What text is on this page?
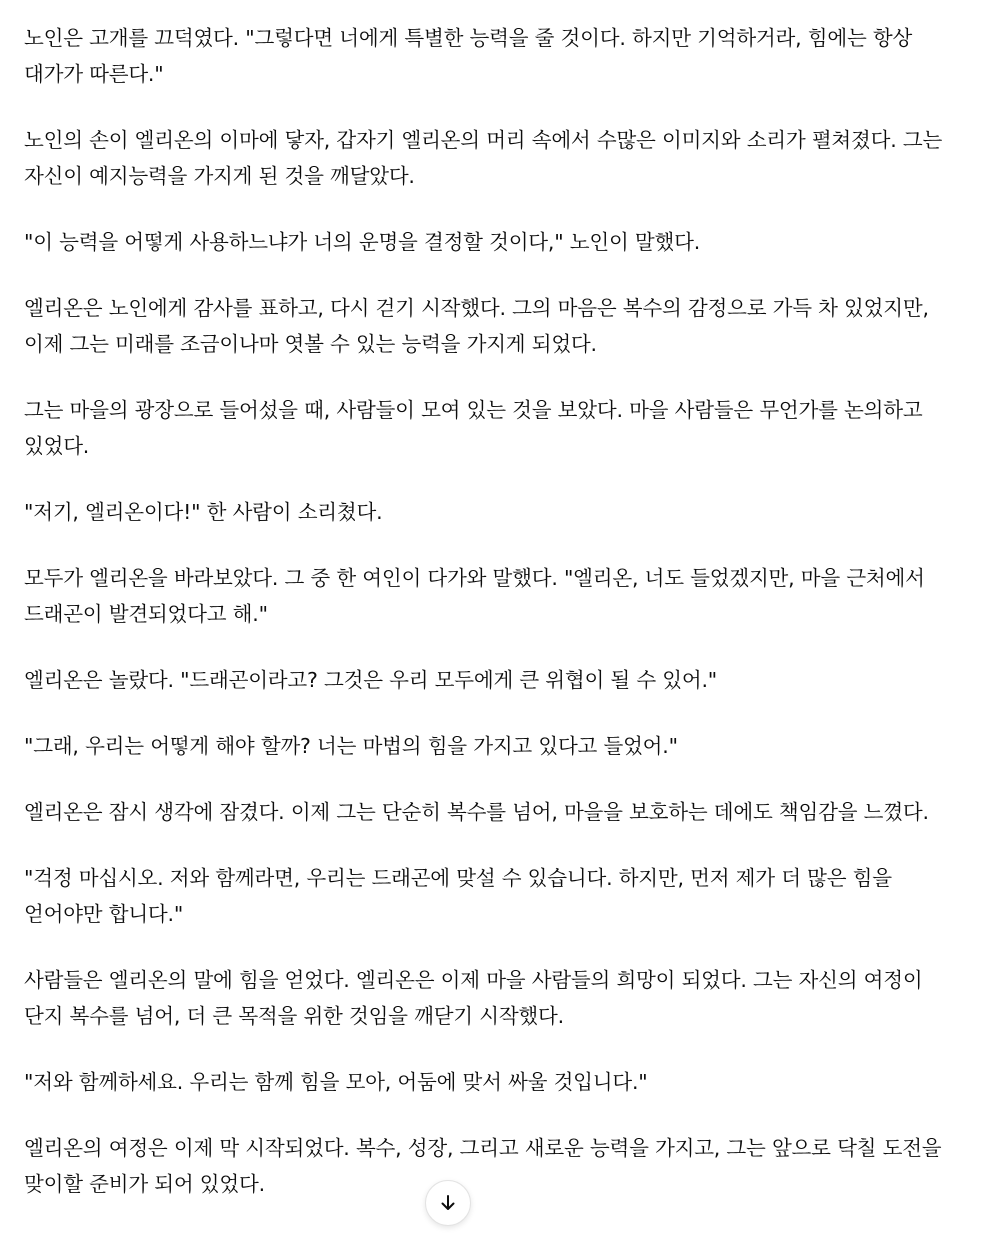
노인은 고개를 끄덕였다. "그렇다면 너에게 특별한 능력을 줄 것이다. 하지만 기억하거라, 힘에는 항상 대가가 따른다."

노인의 손이 엘리온의 이마에 닿자, 갑자기 엘리온의 머리 속에서 수많은 이미지와 소리가 펼쳐졌다. 그는 자신이 예지능력을 가지게 된 것을 깨달았다.

"이 능력을 어떻게 사용하느냐가 너의 운명을 결정할 것이다," 노인이 말했다.

엘리온은 노인에게 감사를 표하고, 다시 걷기 시작했다. 그의 마음은 복수의 감정으로 가득 차 있었지만, 이제 그는 미래를 조금이나마 엿볼 수 있는 능력을 가지게 되었다.

그는 마을의 광장으로 들어섰을 때, 사람들이 모여 있는 것을 보았다. 마을 사람들은 무언가를 논의하고 있었다.

"저기, 엘리온이다!" 한 사람이 소리쳤다.

모두가 엘리온을 바라보았다. 그 중 한 여인이 다가와 말했다. "엘리온, 너도 들었겠지만, 마을 근처에서 드래곤이 발견되었다고 해."

엘리온은 놀랐다. "드래곤이라고? 그것은 우리 모두에게 큰 위협이 될 수 있어."

"그래, 우리는 어떻게 해야 할까? 너는 마법의 힘을 가지고 있다고 들었어."

엘리온은 잠시 생각에 잠겼다. 이제 그는 단순히 복수를 넘어, 마을을 보호하는 데에도 책임감을 느꼈다.

"걱정 마십시오. 저와 함께라면, 우리는 드래곤에 맞설 수 있습니다. 하지만, 먼저 제가 더 많은 힘을 얻어야만 합니다."

사람들은 엘리온의 말에 힘을 얻었다. 엘리온은 이제 마을 사람들의 희망이 되었다. 그는 자신의 여정이 단지 복수를 넘어, 더 큰 목적을 위한 것임을 깨닫기 시작했다.

"저와 함께하세요. 우리는 함께 힘을 모아, 어둠에 맞서 싸울 것입니다."

엘리온의 여정은 이제 막 시작되었다. 복수, 성장, 그리고 새로운 능력을 가지고, 그는 앞으로 닥칠 도전을 맞이할 준비가 되어 있었다.
